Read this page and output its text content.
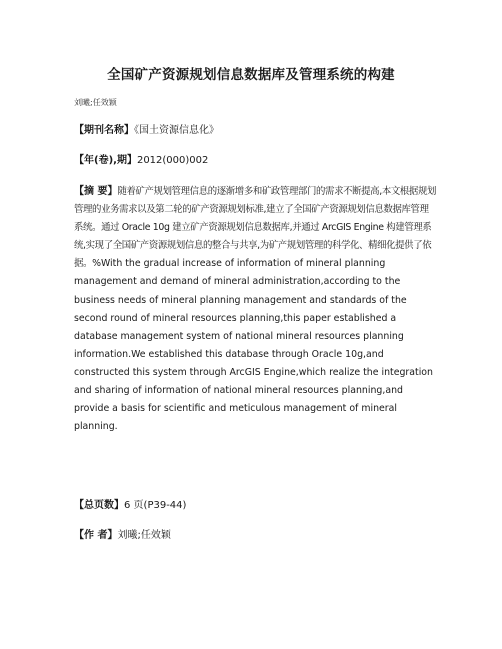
全国矿产资源规划信息数据库及管理系统的构建
刘曦;任效颖
【期刊名称】《国土资源信息化》
【年(卷),期】2012(000)002
【摘 要】随着矿产规划管理信息的逐渐增多和矿政管理部门的需求不断提高,本文根据规划管理的业务需求以及第二轮的矿产资源规划标准,建立了全国矿产资源规划信息数据库管理系统。通过 Oracle 10g 建立矿产资源规划信息数据库,并通过 ArcGIS Engine 构建管理系统,实现了全国矿产资源规划信息的整合与共享,为矿产规划管理的科学化、精细化提供了依据。%With the gradual increase of information of mineral planning management and demand of mineral administration,according to the business needs of mineral planning management and standards of the second round of mineral resources planning,this paper established a database management system of national mineral resources planning information.We established this database through Oracle 10g,and constructed this system through ArcGIS Engine,which realize the integration and sharing of information of national mineral resources planning,and provide a basis for scientific and meticulous management of mineral planning.
【总页数】6 页(P39-44)
【作 者】刘曦;任效颖
